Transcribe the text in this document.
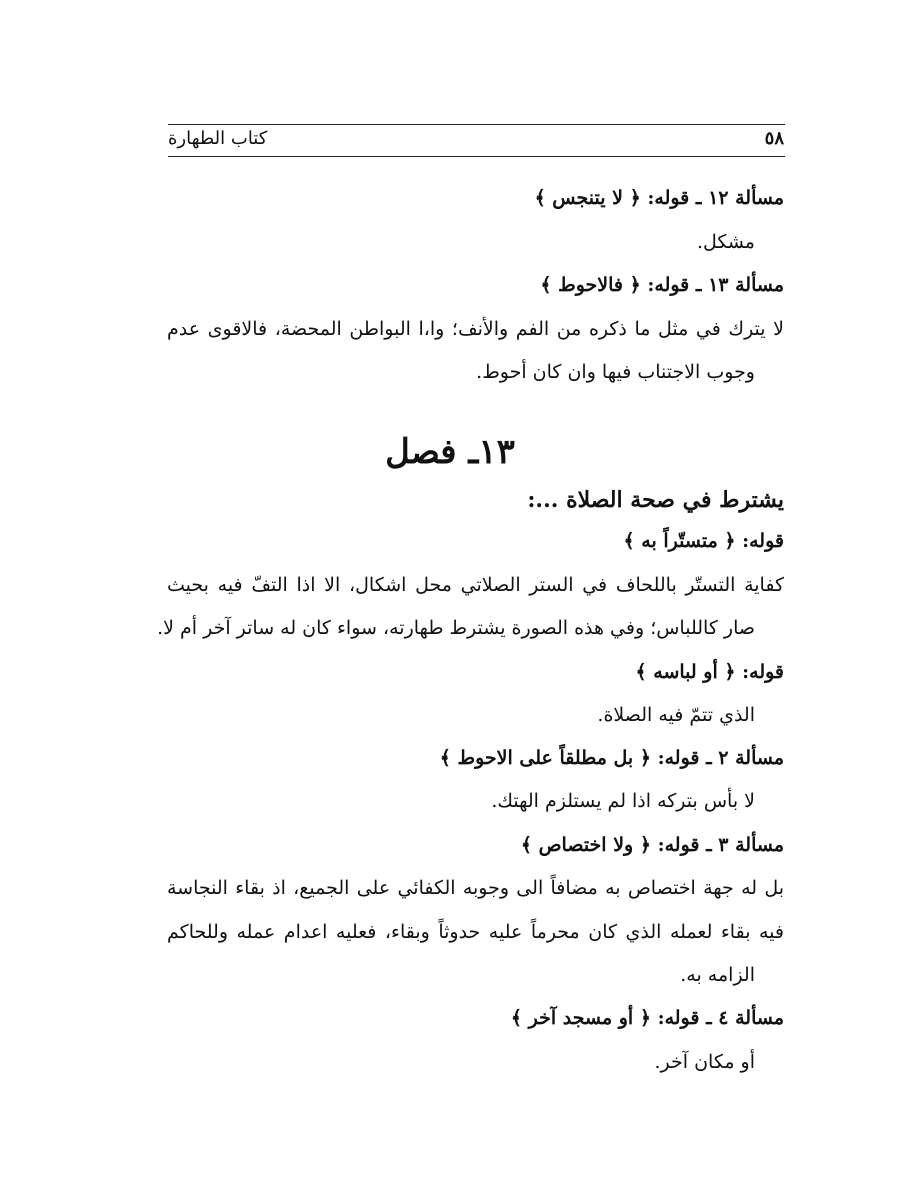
٥٨
كتاب الطهارة
مسألة ١٢ ـ قوله: ﴿ لا يتنجس ﴾
مشكل.
مسألة ١٣ ـ قوله: ﴿ فالاحوط ﴾
لا يترك في مثل ما ذكره من الفم والأنف؛ وا،ا البواطن المحضة، فالاقوى عدم
وجوب الاجتناب فيها وان كان أحوط.
١٣ـ فصل
يشترط في صحة الصلاة ...:
قوله: ﴿ متستّراً به ﴾
كفاية التستّر باللحاف في الستر الصلاتي محل اشكال، الا اذا التفّ فيه بحيث
صار كاللباس؛ وفي هذه الصورة يشترط طهارته، سواء كان له ساتر آخر أم لا.
قوله: ﴿ أو لباسه ﴾
الذي تتمّ فيه الصلاة.
مسألة ٢ ـ قوله: ﴿ بل مطلقاً على الاحوط ﴾
لا بأس بتركه اذا لم يستلزم الهتك.
مسألة ٣ ـ قوله: ﴿ ولا اختصاص ﴾
بل له جهة اختصاص به مضافاً الى وجوبه الكفائي على الجميع، اذ بقاء النجاسة
فيه بقاء لعمله الذي كان محرماً عليه حدوثاً وبقاء، فعليه اعدام عمله وللحاكم
الزامه به.
مسألة ٤ ـ قوله: ﴿ أو مسجد آخر ﴾
أو مكان آخر.
